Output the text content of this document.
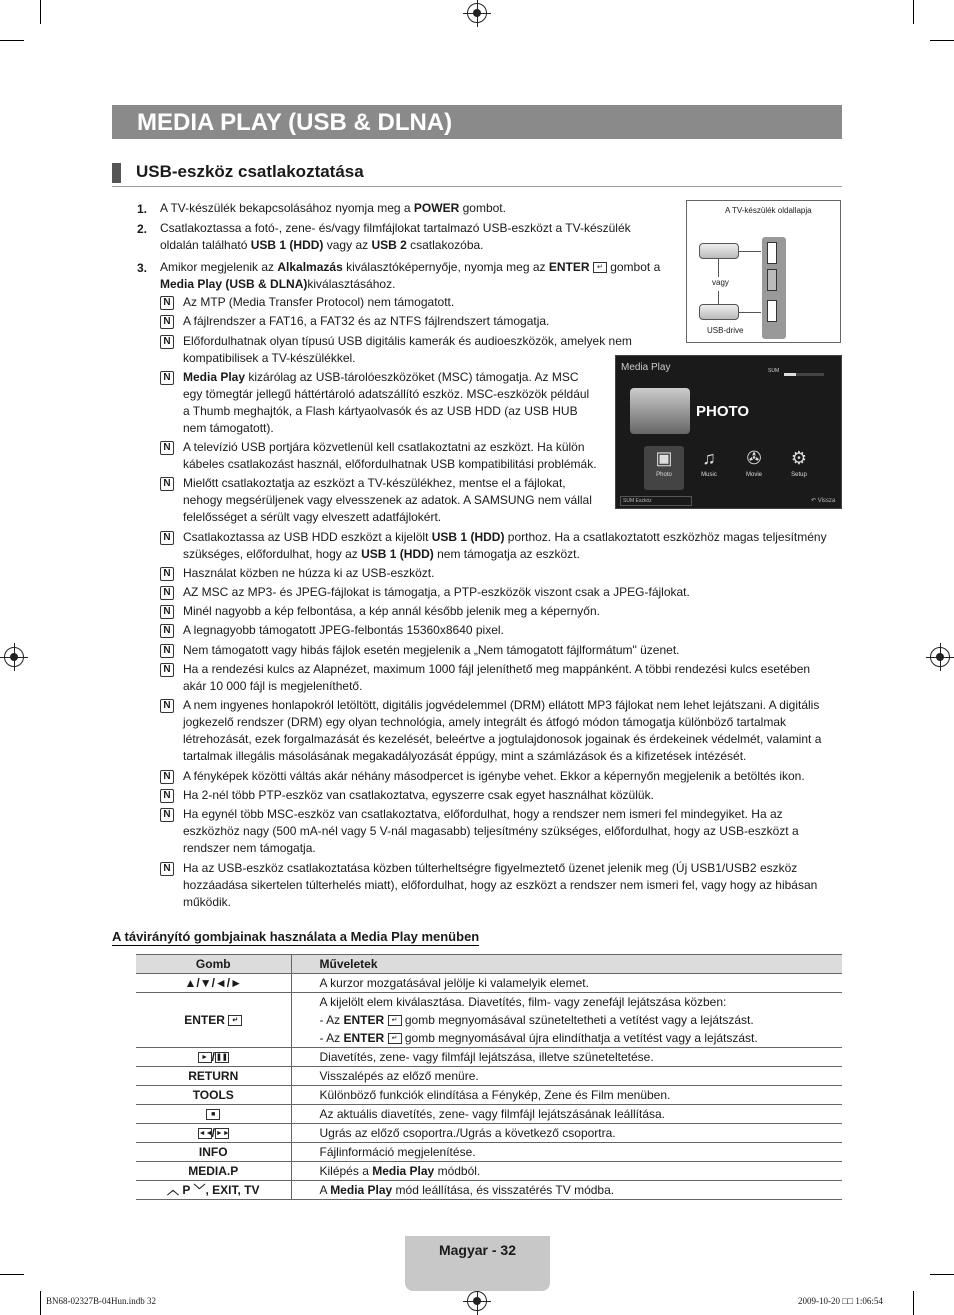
MEDIA PLAY (USB & DLNA)
USB-eszköz csatlakoztatása
1. A TV-készülék bekapcsolásához nyomja meg a POWER gombot.
2. Csatlakoztassa a fotó-, zene- és/vagy filmfájlokat tartalmazó USB-eszközt a TV-készülék
oldalán található USB 1 (HDD) vagy az USB 2 csatlakozóba.
3. Amikor megjelenik az Alkalmazás kiválasztóképernyője, nyomja meg az ENTER ↵ gombot a
Media Play (USB & DLNA)kiválasztásához.
N Az MTP (Media Transfer Protocol) nem támogatott.
N A fájlrendszer a FAT16, a FAT32 és az NTFS fájlrendszert támogatja.
N Előfordulhatnak olyan típusú USB digitális kamerák és audioeszközök, amelyek nem
kompatibilisek a TV-készülékkel.
N Media Play kizárólag az USB-tárolóeszközöket (MSC) támogatja. Az MSC
egy tömegtár jellegű háttértároló adatszállító eszköz. MSC-eszközök például
a Thumb meghajtók, a Flash kártyaolvasók és az USB HDD (az USB HUB
nem támogatott).
N A televízió USB portjára közvetlenül kell csatlakoztatni az eszközt. Ha külön
kábeles csatlakozást használ, előfordulhatnak USB kompatibilitási problémák.
N Mielőtt csatlakoztatja az eszközt a TV-készülékhez, mentse el a fájlokat,
nehogy megsérüljenek vagy elvesszenek az adatok. A SAMSUNG nem vállal
felelősséget a sérült vagy elveszett adatfájlokért.
N Csatlakoztassa az USB HDD eszközt a kijelölt USB 1 (HDD) porthoz. Ha a csatlakoztatott eszközhöz magas teljesítmény
szükséges, előfordulhat, hogy az USB 1 (HDD) nem támogatja az eszközt.
N Használat közben ne húzza ki az USB-eszközt.
N AZ MSC az MP3- és JPEG-fájlokat is támogatja, a PTP-eszközök viszont csak a JPEG-fájlokat.
N Minél nagyobb a kép felbontása, a kép annál később jelenik meg a képernyőn.
N A legnagyobb támogatott JPEG-felbontás 15360x8640 pixel.
N Nem támogatott vagy hibás fájlok esetén megjelenik a „Nem támogatott fájlformátum" üzenet.
N Ha a rendezési kulcs az Alapnézet, maximum 1000 fájl jeleníthető meg mappánként. A többi rendezési kulcs esetében
akár 10 000 fájl is megjeleníthető.
N A nem ingyenes honlapokról letöltött, digitális jogvédelemmel (DRM) ellátott MP3 fájlokat nem lehet lejátszani. A digitális
jogkezelő rendszer (DRM) egy olyan technológia, amely integrált és átfogó módon támogatja különböző tartalmak
létrehozását, ezek forgalmazását és kezelését, beleértve a jogtulajdonosok jogainak és érdekeinek védelmét, valamint a
tartalmak illegális másolásának megakadályozását éppúgy, mint a számlázások és a kifizetések intézését.
N A fényképek közötti váltás akár néhány másodpercet is igénybe vehet. Ekkor a képernyőn megjelenik a betöltés ikon.
N Ha 2-nél több PTP-eszköz van csatlakoztatva, egyszerre csak egyet használhat közülük.
N Ha egynél több MSC-eszköz van csatlakoztatva, előfordulhat, hogy a rendszer nem ismeri fel mindegyiket. Ha az
eszközhöz nagy (500 mA-nél vagy 5 V-nál magasabb) teljesítmény szükséges, előfordulhat, hogy az USB-eszközt a
rendszer nem támogatja.
N Ha az USB-eszköz csatlakoztatása közben túlterheltségre figyelmeztető üzenet jelenik meg (Új USB1/USB2 eszköz
hozzáadása sikertelen túlterhelés miatt), előfordulhat, hogy az eszközt a rendszer nem ismeri fel, vagy hogy az hibásan
működik.
A TV-készülék oldallapja
vagy
USB-drive
Media Play	SUM
PHOTO
▣
Photo
♫
Music
✇
Movie
⚙
Setup
SUM Eszköz	↶ Vissza
A távirányító gombjainak használata a Media Play menüben
Gomb	Műveletek
▲/▼/◄/►	A kurzor mozgatásával jelölje ki valamelyik elemet.
ENTER ↵	A kijelölt elem kiválasztása. Diavetítés, film- vagy zenefájl lejátszása közben:
- Az ENTER ↵ gomb megnyomásával szüneteltetheti a vetítést vagy a lejátszást.
- Az ENTER ↵ gomb megnyomásával újra elindíthatja a vetítést vagy a lejátszást.

► /❚❚	Diavetítés, zene- vagy filmfájl lejátszása, illetve szüneteltetése.
RETURN	Visszalépés az előző menüre.
TOOLS	Különböző funkciók elindítása a Fénykép, Zene és Film menüben.
■	Az aktuális diavetítés, zene- vagy filmfájl lejátszásának leállítása.
◄◄/►►	Ugrás az előző csoportra./Ugrás a következő csoportra.
INFO	Fájlinformáció megjelenítése.
MEDIA.P	Kilépés a Media Play módból.
︿ P ﹀, EXIT, TV	A Media Play mód leállítása, és visszatérés TV módba.
Magyar - 32
BN68-02327B-04Hun.indb 32	2009-10-20 □□ 1:06:54
